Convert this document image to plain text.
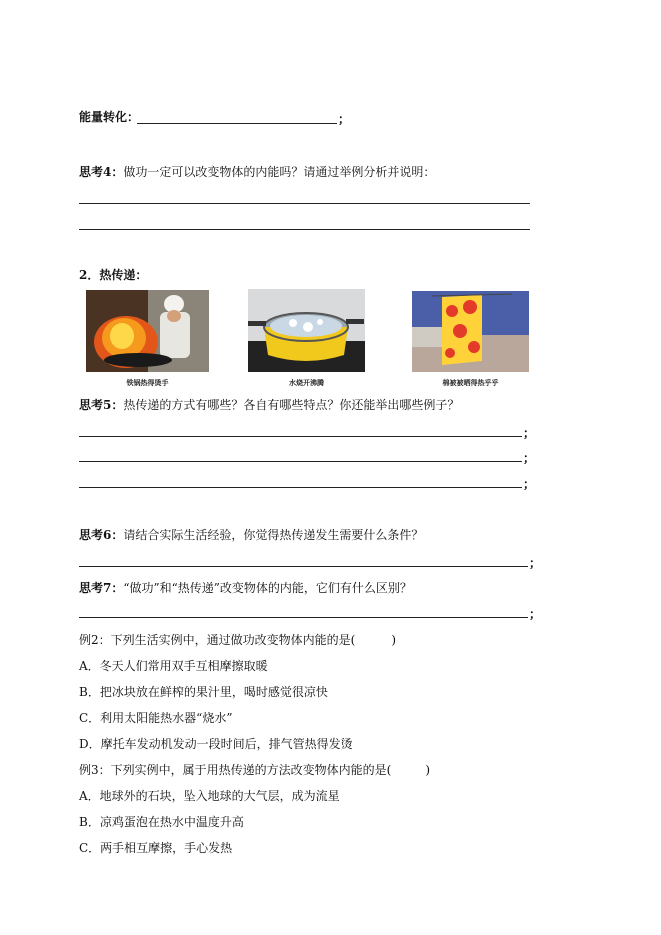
能量转化：	；
思考4：做功一定可以改变物体的内能吗？请通过举例分析并说明：
2．热传递：
铁锅热得烫手	水烧开沸腾	棉被被晒得热乎乎
思考5：热传递的方式有哪些？各自有哪些特点？你还能举出哪些例子？
；
；
；
思考6：请结合实际生活经验，你觉得热传递发生需要什么条件？
；
思考7：“做功”和“热传递”改变物体的内能，它们有什么区别？
；
例2：下列生活实例中，通过做功改变物体内能的是(	)
A．冬天人们常用双手互相摩擦取暖
B．把冰块放在鲜榨的果汁里，喝时感觉很凉快
C．利用太阳能热水器“烧水”
D．摩托车发动机发动一段时间后，排气管热得发烫
例3：下列实例中，属于用热传递的方法改变物体内能的是(	)
A．地球外的石块，坠入地球的大气层，成为流星
B．凉鸡蛋泡在热水中温度升高
C．两手相互摩擦，手心发热
